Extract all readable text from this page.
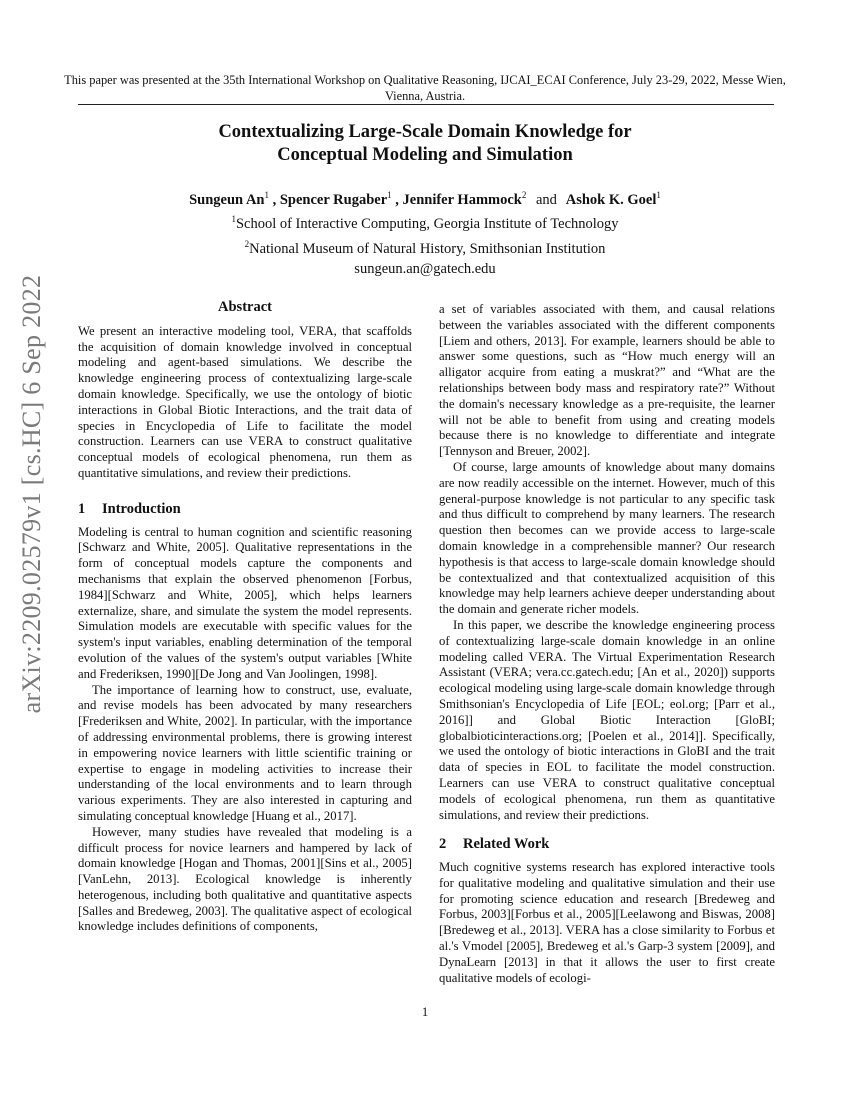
This paper was presented at the 35th International Workshop on Qualitative Reasoning, IJCAI_ECAI Conference, July 23-29, 2022, Messe Wien, Vienna, Austria.
Contextualizing Large-Scale Domain Knowledge for
Conceptual Modeling and Simulation
Sungeun An$^1$ , Spencer Rugaber$^1$ , Jennifer Hammock$^2$ and Ashok K. Goel$^1$
$^1$School of Interactive Computing, Georgia Institute of Technology
$^2$National Museum of Natural History, Smithsonian Institution
sungeun.an@gatech.edu
arXiv:2209.02579v1 [cs.HC] 6 Sep 2022	Abstract

We present an interactive modeling tool, VERA, that scaffolds the acquisition of domain knowledge involved in conceptual modeling and agent-based simulations. We describe the knowledge engineering process of contextualizing large-scale domain knowledge. Specifically, we use the ontology of biotic interactions in Global Biotic Interactions, and the trait data of species in Encyclopedia of Life to facilitate the model construction. Learners can use VERA to construct qualitative conceptual models of ecological phenomena, run them as quantitative simulations, and review their predictions.

1 Introduction

Modeling is central to human cognition and scientific reasoning [Schwarz and White, 2005]. Qualitative representations in the form of conceptual models capture the components and mechanisms that explain the observed phenomenon [Forbus, 1984][Schwarz and White, 2005], which helps learners externalize, share, and simulate the system the model represents. Simulation models are executable with specific values for the system's input variables, enabling determination of the temporal evolution of the values of the system's output variables [White and Frederiksen, 1990][De Jong and Van Joolingen, 1998].

The importance of learning how to construct, use, evaluate, and revise models has been advocated by many researchers [Frederiksen and White, 2002]. In particular, with the importance of addressing environmental problems, there is growing interest in empowering novice learners with little scientific training or expertise to engage in modeling activities to increase their understanding of the local environments and to learn through various experiments. They are also interested in capturing and simulating conceptual knowledge [Huang et al., 2017].

However, many studies have revealed that modeling is a difficult process for novice learners and hampered by lack of domain knowledge [Hogan and Thomas, 2001][Sins et al., 2005][VanLehn, 2013]. Ecological knowledge is inherently heterogenous, including both qualitative and quantitative aspects [Salles and Bredeweg, 2003]. The qualitative aspect of ecological knowledge includes definitions of components,

a set of variables associated with them, and causal relations between the variables associated with the different components [Liem and others, 2013]. For example, learners should be able to answer some questions, such as “How much energy will an alligator acquire from eating a muskrat?” and “What are the relationships between body mass and respiratory rate?” Without the domain's necessary knowledge as a pre-requisite, the learner will not be able to benefit from using and creating models because there is no knowledge to differentiate and integrate [Tennyson and Breuer, 2002].

Of course, large amounts of knowledge about many domains are now readily accessible on the internet. However, much of this general-purpose knowledge is not particular to any specific task and thus difficult to comprehend by many learners. The research question then becomes can we provide access to large-scale domain knowledge in a comprehensible manner? Our research hypothesis is that access to large-scale domain knowledge should be contextualized and that contextualized acquisition of this knowledge may help learners achieve deeper understanding about the domain and generate richer models.

In this paper, we describe the knowledge engineering process of contextualizing large-scale domain knowledge in an online modeling called VERA. The Virtual Experimentation Research Assistant (VERA; vera.cc.gatech.edu; [An et al., 2020]) supports ecological modeling using large-scale domain knowledge through Smithsonian's Encyclopedia of Life [EOL; eol.org; [Parr et al., 2016]] and Global Biotic Interaction [GloBI; globalbioticinteractions.org; [Poelen et al., 2014]]. Specifically, we used the ontology of biotic interactions in GloBI and the trait data of species in EOL to facilitate the model construction. Learners can use VERA to construct qualitative conceptual models of ecological phenomena, run them as quantitative simulations, and review their predictions.

2 Related Work

Much cognitive systems research has explored interactive tools for qualitative modeling and qualitative simulation and their use for promoting science education and research [Bredeweg and Forbus, 2003][Forbus et al., 2005][Leelawong and Biswas, 2008][Bredeweg et al., 2013]. VERA has a close similarity to Forbus et al.'s Vmodel [2005], Bredeweg et al.'s Garp-3 system [2009], and DynaLearn [2013] in that it allows the user to first create qualitative models of ecologi-

1
